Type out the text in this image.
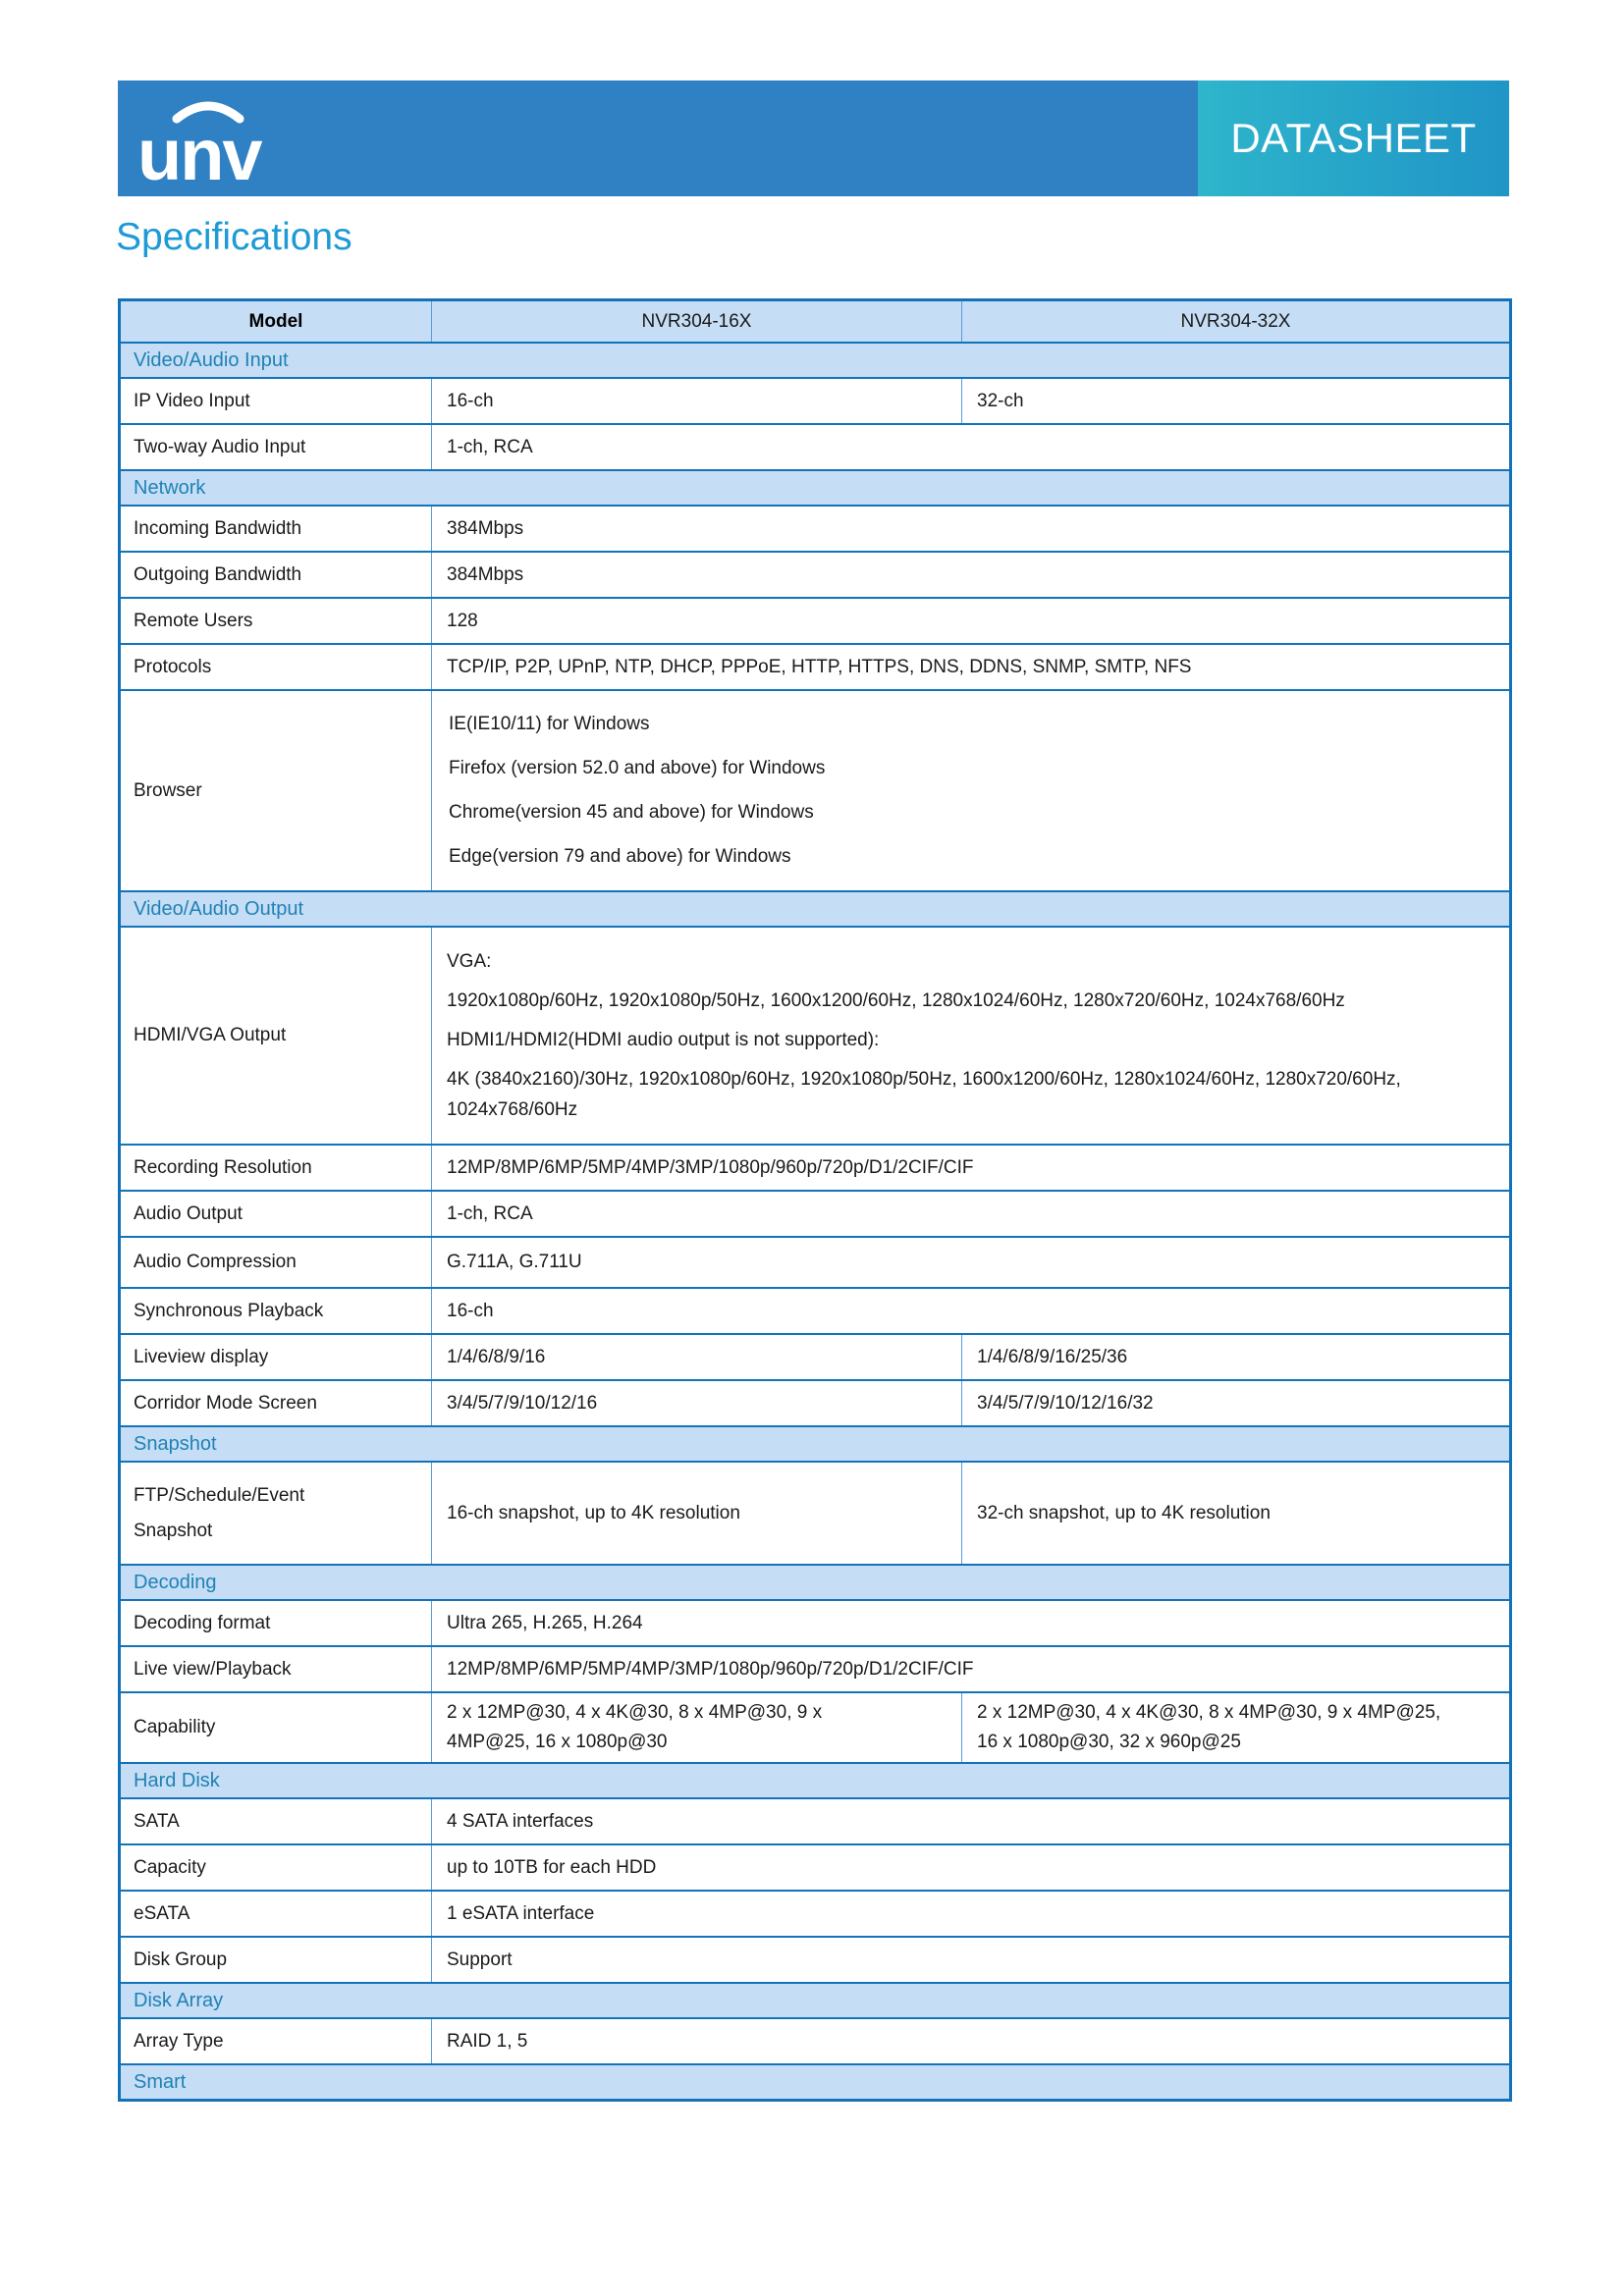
unv	DATASHEET
Specifications
Model	NVR304-16X	NVR304-32X
Video/Audio Input		
IP Video Input	16-ch	32-ch
Two-way Audio Input	1-ch, RCA	
Network		
Incoming Bandwidth	384Mbps	
Outgoing Bandwidth	384Mbps	
Remote Users	128	
Protocols	TCP/IP, P2P, UPnP, NTP, DHCP, PPPoE, HTTP, HTTPS, DNS, DDNS, SNMP, SMTP, NFS	
Browser	IE(IE10/11) for Windows
Firefox (version 52.0 and above) for Windows
Chrome(version 45 and above) for Windows
Edge(version 79 and above) for Windows	

Video/Audio Output		
HDMI/VGA Output	VGA:
1920x1080p/60Hz, 1920x1080p/50Hz, 1600x1200/60Hz, 1280x1024/60Hz, 1280x720/60Hz, 1024x768/60Hz
HDMI1/HDMI2(HDMI audio output is not supported):
4K (3840x2160)/30Hz, 1920x1080p/60Hz, 1920x1080p/50Hz, 1600x1200/60Hz, 1280x1024/60Hz, 1280x720/60Hz, 1024x768/60Hz	

Recording Resolution	12MP/8MP/6MP/5MP/4MP/3MP/1080p/960p/720p/D1/2CIF/CIF	
Audio Output	1-ch, RCA	
Audio Compression	G.711A, G.711U	
Synchronous Playback	16-ch	
Liveview display	1/4/6/8/9/16	1/4/6/8/9/16/25/36
Corridor Mode Screen	3/4/5/7/9/10/12/16	3/4/5/7/9/10/12/16/32
Snapshot		

FTP/Schedule/Event
Snapshot	16-ch snapshot, up to 4K resolution	32-ch snapshot, up to 4K resolution
Decoding		
Decoding format	Ultra 265, H.265, H.264	
Live view/Playback	12MP/8MP/6MP/5MP/4MP/3MP/1080p/960p/720p/D1/2CIF/CIF	
Capability	2 x 12MP@30, 4 x 4K@30, 8 x 4MP@30, 9 x 4MP@25, 16 x 1080p@30	2 x 12MP@30, 4 x 4K@30, 8 x 4MP@30, 9 x 4MP@25, 16 x 1080p@30, 32 x 960p@25

Hard Disk		
SATA	4 SATA interfaces	
Capacity	up to 10TB for each HDD	
eSATA	1 eSATA interface	
Disk Group	Support	
Disk Array		
Array Type	RAID 1, 5	
Smart		
